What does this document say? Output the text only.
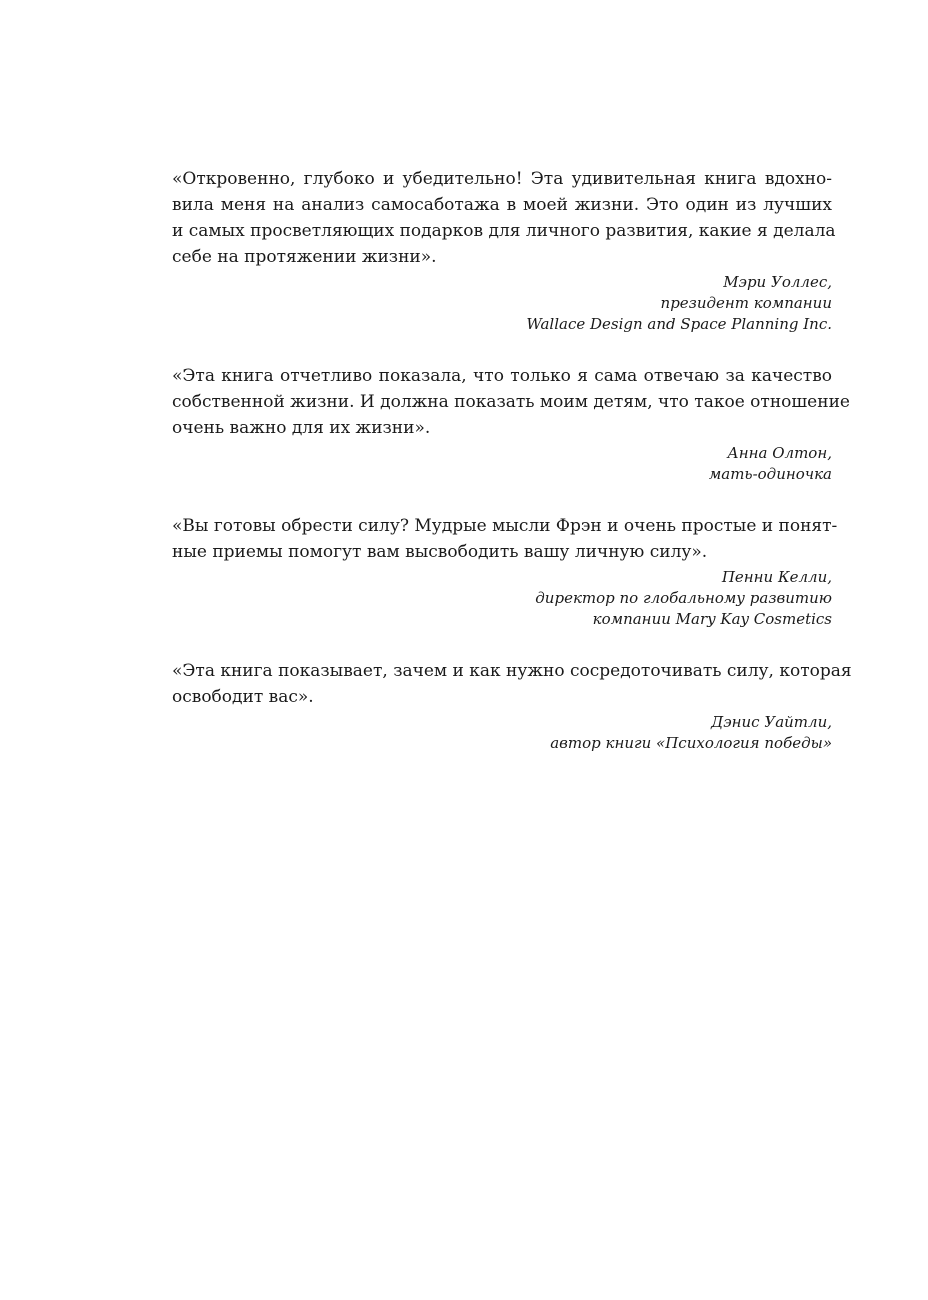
«Откровенно, глубоко и убедительно! Эта удивительная книга вдохно-
вила меня на анализ самосаботажа в моей жизни. Это один из лучших
и самых просветляющих подарков для личного развития, какие я делала
себе на протяжении жизни».

Мэри Уоллес,
президент компании
Wallace Design and Space Planning Inc.

«Эта книга отчетливо показала, что только я сама отвечаю за качество
собственной жизни. И должна показать моим детям, что такое отношение
очень важно для их жизни».

Анна Олтон,
мать-одиночка

«Вы готовы обрести силу? Мудрые мысли Фрэн и очень простые и понят-
ные приемы помогут вам высвободить вашу личную силу».

Пенни Келли,
директор по глобальному развитию
компании Mary Kay Cosmetics

«Эта книга показывает, зачем и как нужно сосредоточивать силу, которая
освободит вас».

Дэнис Уайтли,
автор книги «Психология победы»
